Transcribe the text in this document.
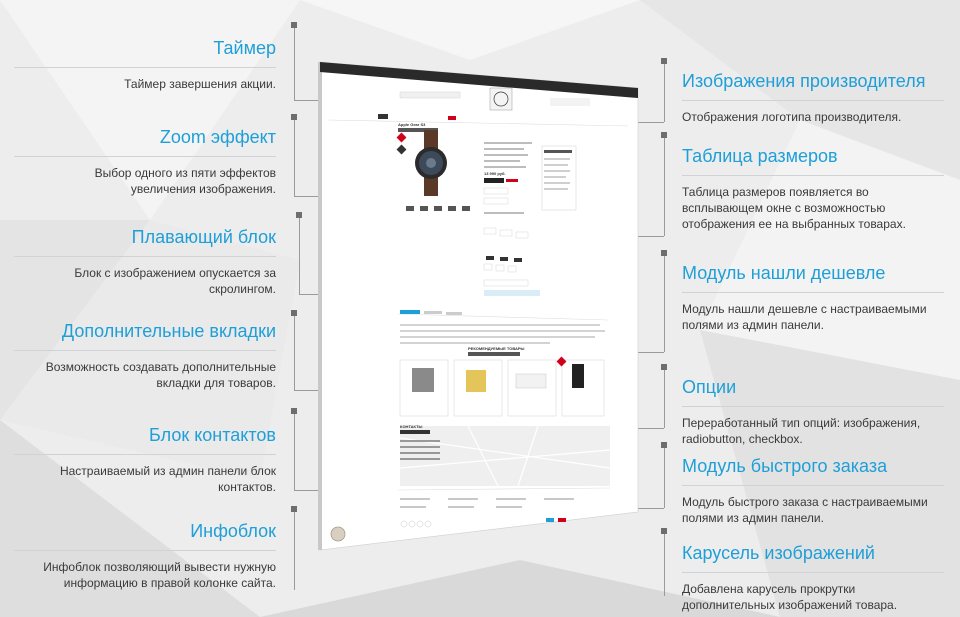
Таймер
Таймер завершения акции.
Zoom эффект
Выбор одного из пяти эффектов увеличения изображения.
Плавающий блок
Блок с изображением опускается за скролингом.
Дополнительные вкладки
Возможность создавать дополнительные вкладки для товаров.
Блок контактов
Настраиваемый из админ панели блок контактов.
Инфоблок
Инфоблок позволяющий вывести нужную информацию в правой колонке сайта.
Изображения производителя
Отображения логотипа производителя.
Таблица размеров
Таблица размеров появляется во всплывающем окне с возможностью отображения ее на выбранных товарах.
Модуль нашли дешевле
Модуль нашли дешевле с настраиваемыми полями из админ панели.
Опции
Переработанный тип опций: изображения, radiobutton, checkbox.
Модуль быстрого заказа
Модуль быстрого заказа с настраиваемыми полями из админ панели.
Карусель изображений
Добавлена карусель прокрутки дополнительных изображений товара.
Apple Gear S3
13 990 руб.
РЕКОМЕНДУЕМЫЕ ТОВАРЫ
КОНТАКТЫ
